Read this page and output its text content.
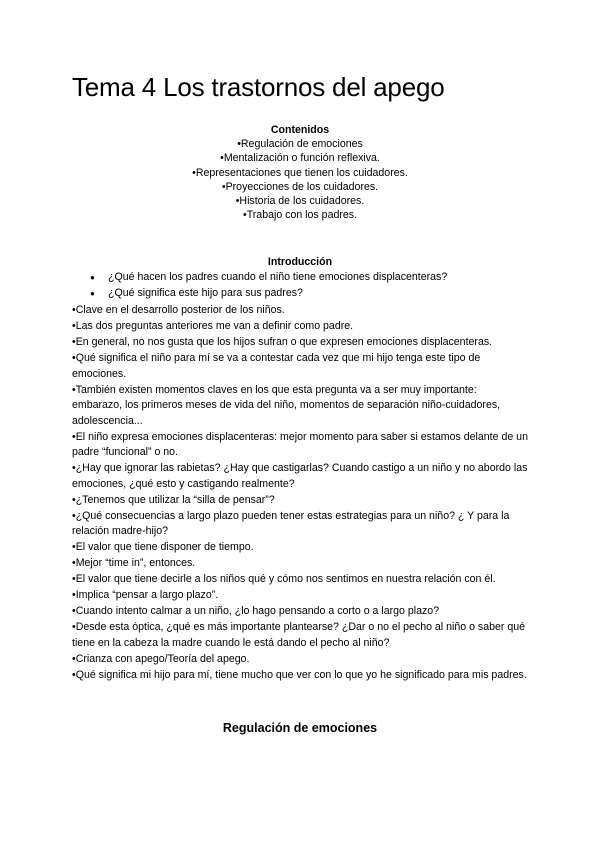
Tema 4 Los trastornos del apego
Contenidos
•Regulación de emociones
•Mentalización o función reflexiva.
•Representaciones que tienen los cuidadores.
•Proyecciones de los cuidadores.
•Historia de los cuidadores.
•Trabajo con los padres.
Introducción
● ¿Qué hacen los padres cuando el niño tiene emociones displacenteras?
● ¿Qué significa este hijo para sus padres?

•Clave en el desarrollo posterior de los niños.

•Las dos preguntas anteriores me van a definir como padre.

•En general, no nos gusta que los hijos sufran o que expresen emociones displacenteras.

•Qué significa el niño para mí se va a contestar cada vez que mi hijo tenga este tipo de emociones.

•También existen momentos claves en los que esta pregunta va a ser muy importante: embarazo, los primeros meses de vida del niño, momentos de separación niño-cuidadores, adolescencia...

•El niño expresa emociones displacenteras: mejor momento para saber si estamos delante de un padre “funcional” o no.

•¿Hay que ignorar las rabietas? ¿Hay que castigarlas? Cuando castigo a un niño y no abordo las emociones, ¿qué esto y castigando realmente?

•¿Tenemos que utilizar la “silla de pensar”?

•¿Qué consecuencias a largo plazo pueden tener estas estrategias para un niño? ¿ Y para la relación madre-hijo?

•El valor que tiene disponer de tiempo.

•Mejor “time in”, entonces.

•El valor que tiene decirle a los niños qué y cómo nos sentimos en nuestra relación con él.

•Implica “pensar a largo plazo”.

•Cuando intento calmar a un niño, ¿lo hago pensando a corto o a largo plazo?

•Desde esta óptica, ¿qué es más importante plantearse? ¿Dar o no el pecho al niño o saber qué tiene en la cabeza la madre cuando le está dando el pecho al niño?

•Crianza con apego/Teoría del apego.

•Qué significa mi hijo para mí, tiene mucho que ver con lo que yo he significado para mis padres.

Regulación de emociones
